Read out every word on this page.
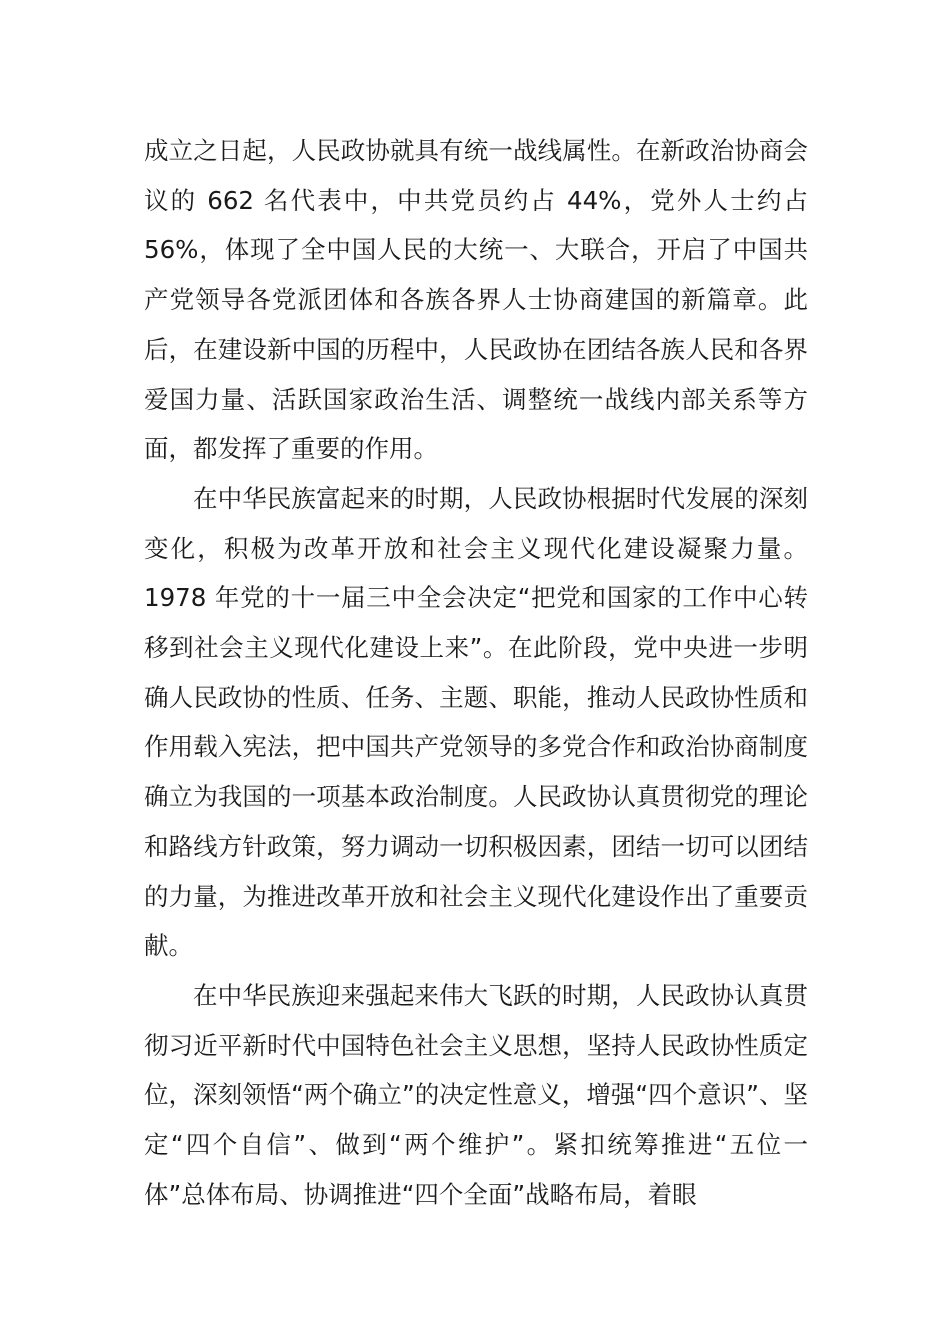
成立之日起，人民政协就具有统一战线属性。在新政治协商会议的 662 名代表中，中共党员约占 44%，党外人士约占 56%，体现了全中国人民的大统一、大联合，开启了中国共产党领导各党派团体和各族各界人士协商建国的新篇章。此后，在建设新中国的历程中，人民政协在团结各族人民和各界爱国力量、活跃国家政治生活、调整统一战线内部关系等方面，都发挥了重要的作用。

在中华民族富起来的时期，人民政协根据时代发展的深刻变化，积极为改革开放和社会主义现代化建设凝聚力量。1978 年党的十一届三中全会决定“把党和国家的工作中心转移到社会主义现代化建设上来”。在此阶段，党中央进一步明确人民政协的性质、任务、主题、职能，推动人民政协性质和作用载入宪法，把中国共产党领导的多党合作和政治协商制度确立为我国的一项基本政治制度。人民政协认真贯彻党的理论和路线方针政策，努力调动一切积极因素，团结一切可以团结的力量，为推进改革开放和社会主义现代化建设作出了重要贡献。

在中华民族迎来强起来伟大飞跃的时期，人民政协认真贯彻习近平新时代中国特色社会主义思想，坚持人民政协性质定位，深刻领悟“两个确立”的决定性意义，增强“四个意识”、坚定“四个自信”、做到“两个维护”。紧扣统筹推进“五位一体”总体布局、协调推进“四个全面”战略布局，着眼
